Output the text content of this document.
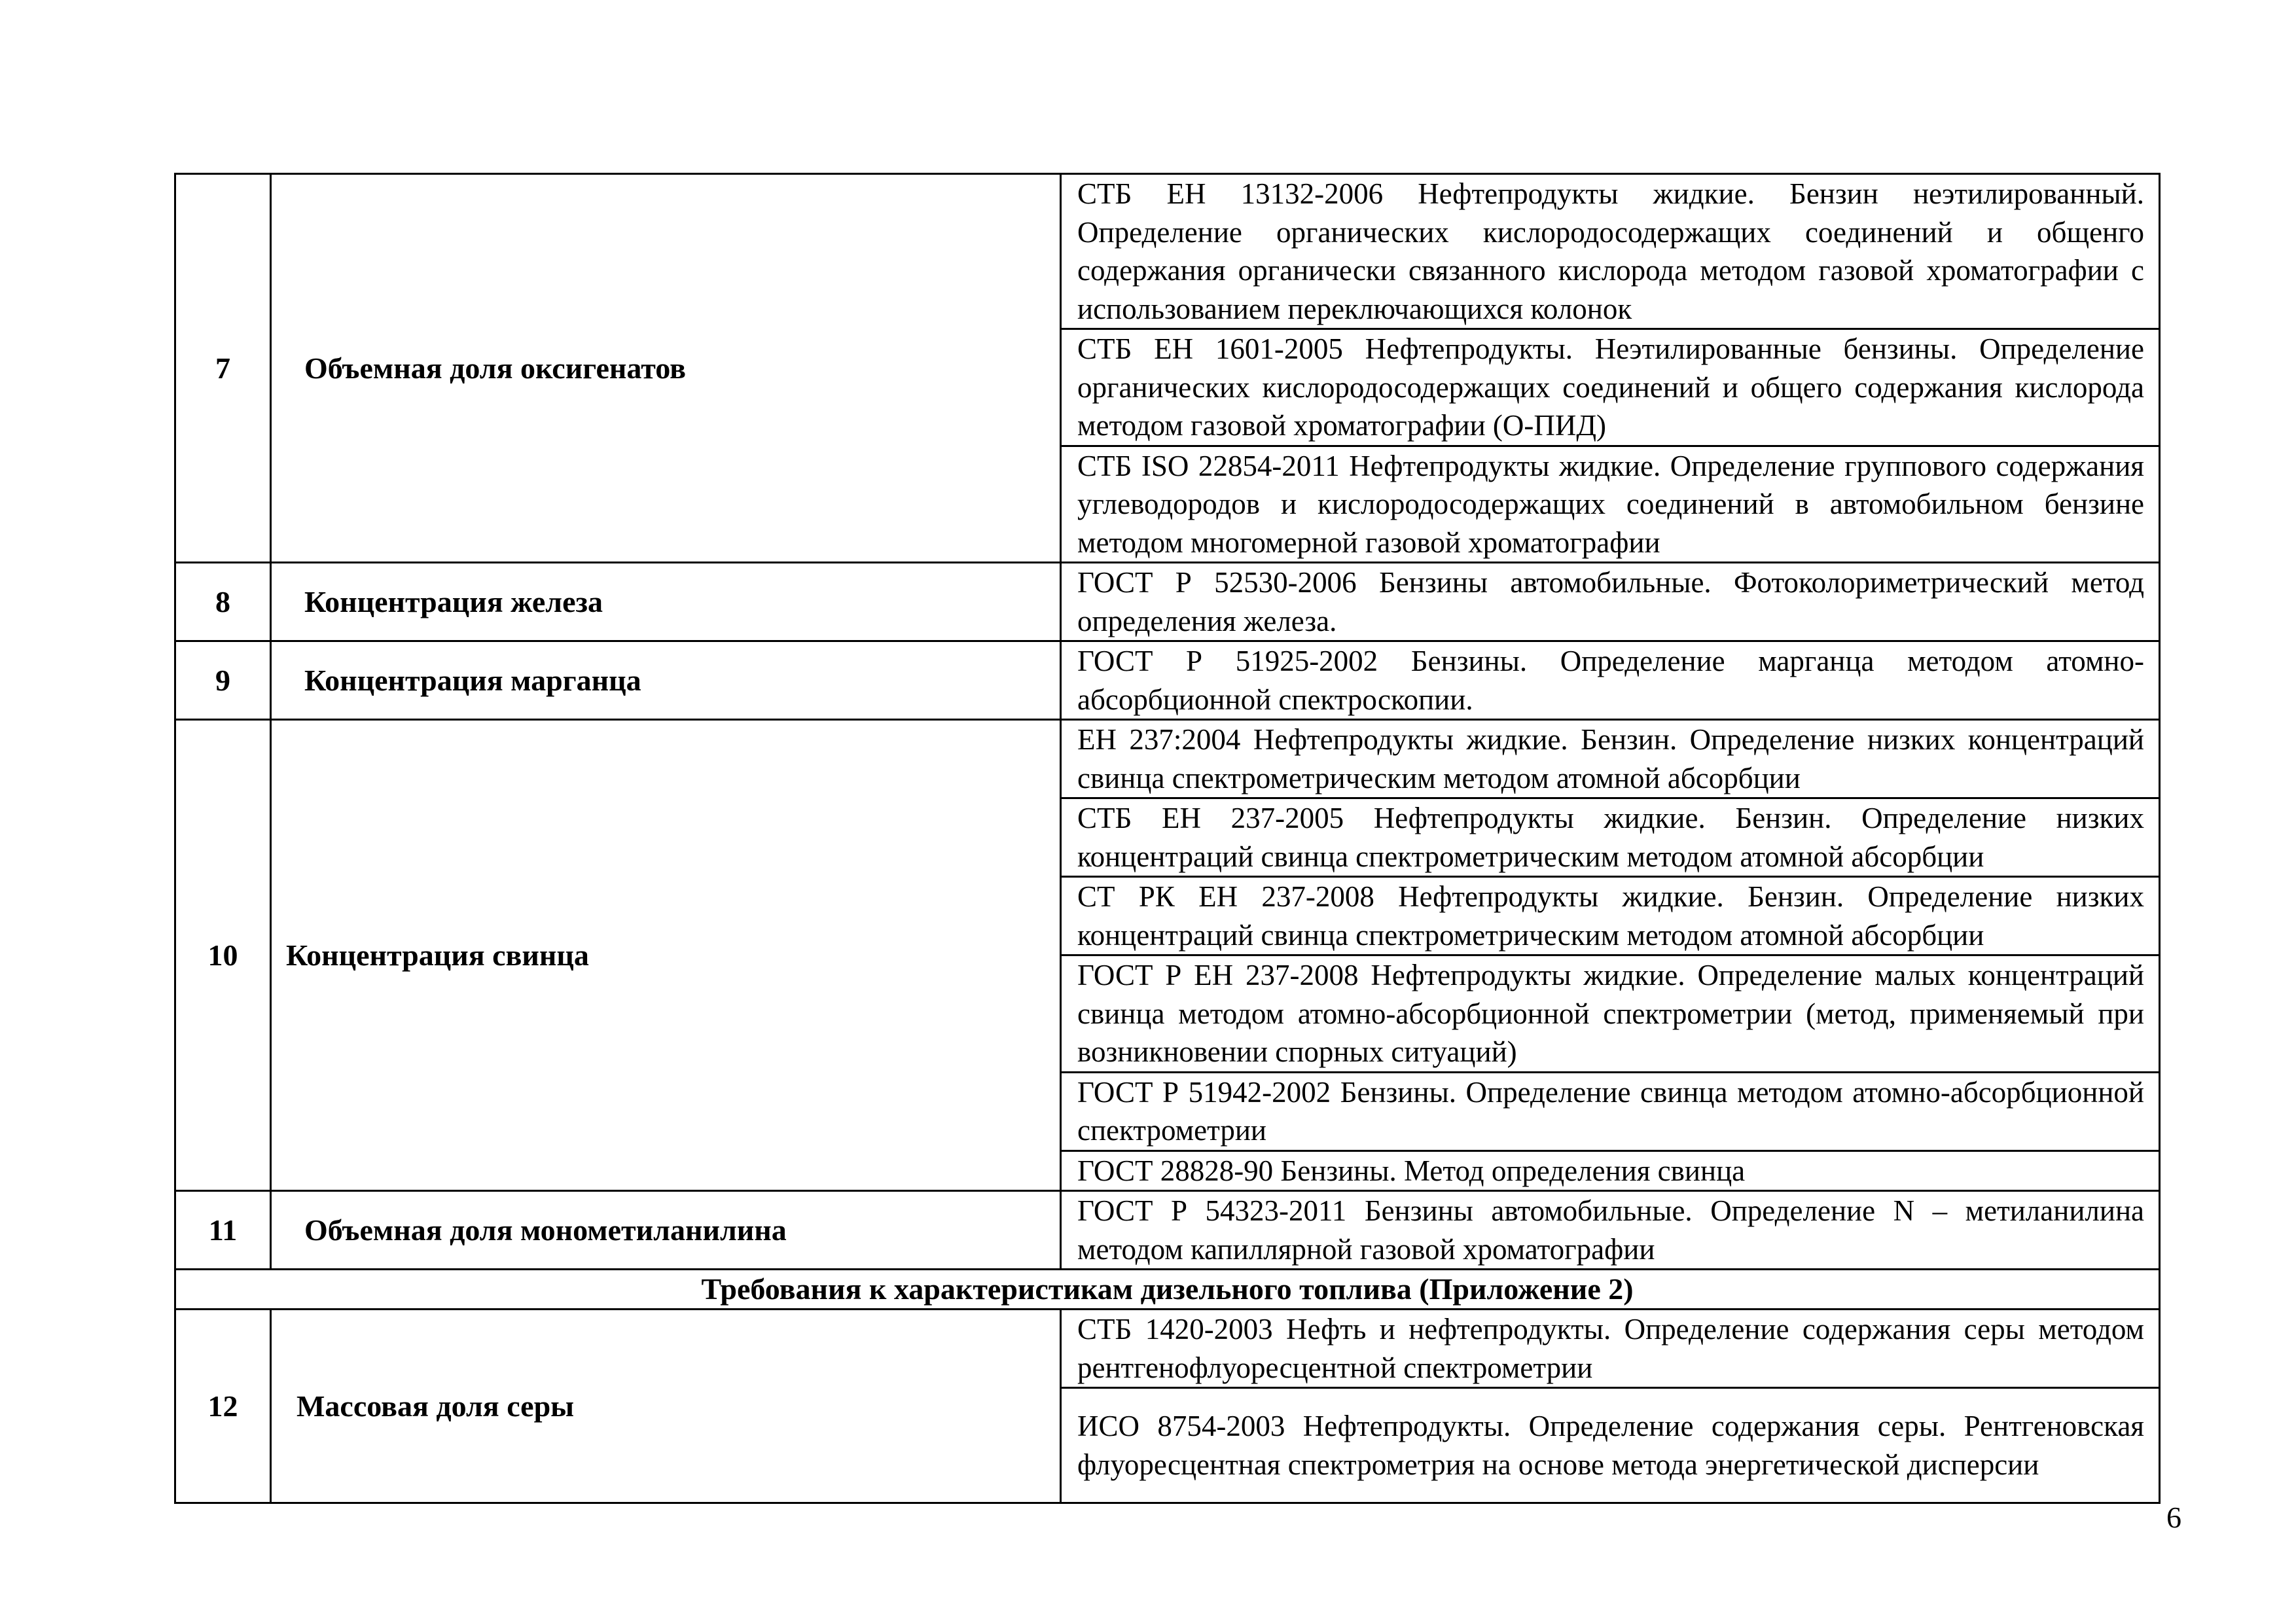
7	Объемная доля оксигенатов	СТБ ЕН 13132-2006 Нефтепродукты жидкие. Бензин неэтилированный. Определение органических кислородосодержащих соединений и общенго содержания органически связанного кислорода методом газовой хроматографии с использованием переключающихся колонок
		СТБ ЕН 1601-2005 Нефтепродукты. Неэтилированные бензины. Определение органических кислородосодержащих соединений и общего содержания кислорода методом газовой хроматографии (О-ПИД)
		СТБ ISO 22854-2011 Нефтепродукты жидкие. Определение группового содержания углеводородов и кислородосодержащих соединений в автомобильном бензине методом многомерной газовой хроматографии
8	Концентрация железа	ГОСТ Р 52530-2006 Бензины автомобильные. Фотоколориметрический метод определения железа.
9	Концентрация марганца	ГОСТ Р 51925-2002 Бензины. Определение марганца методом атомно-абсорбционной спектроскопии.
10	Концентрация свинца	ЕН 237:2004 Нефтепродукты жидкие. Бензин. Определение низких концентраций свинца спектрометрическим методом атомной абсорбции
		СТБ ЕН 237-2005 Нефтепродукты жидкие. Бензин. Определение низких концентраций свинца спектрометрическим методом атомной абсорбции
		СТ РК ЕН 237-2008 Нефтепродукты жидкие. Бензин. Определение низких концентраций свинца спектрометрическим методом атомной абсорбции
		ГОСТ Р ЕН 237-2008 Нефтепродукты жидкие. Определение малых концентраций свинца методом атомно-абсорбционной спектрометрии (метод, применяемый при возникновении спорных ситуаций)
		ГОСТ Р 51942-2002 Бензины. Определение свинца методом атомно-абсорбционной спектрометрии
		ГОСТ 28828-90 Бензины. Метод определения свинца
11	Объемная доля монометиланилина	ГОСТ Р 54323-2011 Бензины автомобильные. Определение N – метиланилина методом капиллярной газовой хроматографии
Требования к характеристикам дизельного топлива (Приложение 2)		
12	Массовая доля серы	СТБ 1420-2003 Нефть и нефтепродукты. Определение содержания серы методом рентгенофлуоресцентной спектрометрии
		ИСО 8754-2003 Нефтепродукты. Определение содержания серы. Рентгеновская флуоресцентная спектрометрия на основе метода энергетической дисперсии
6
